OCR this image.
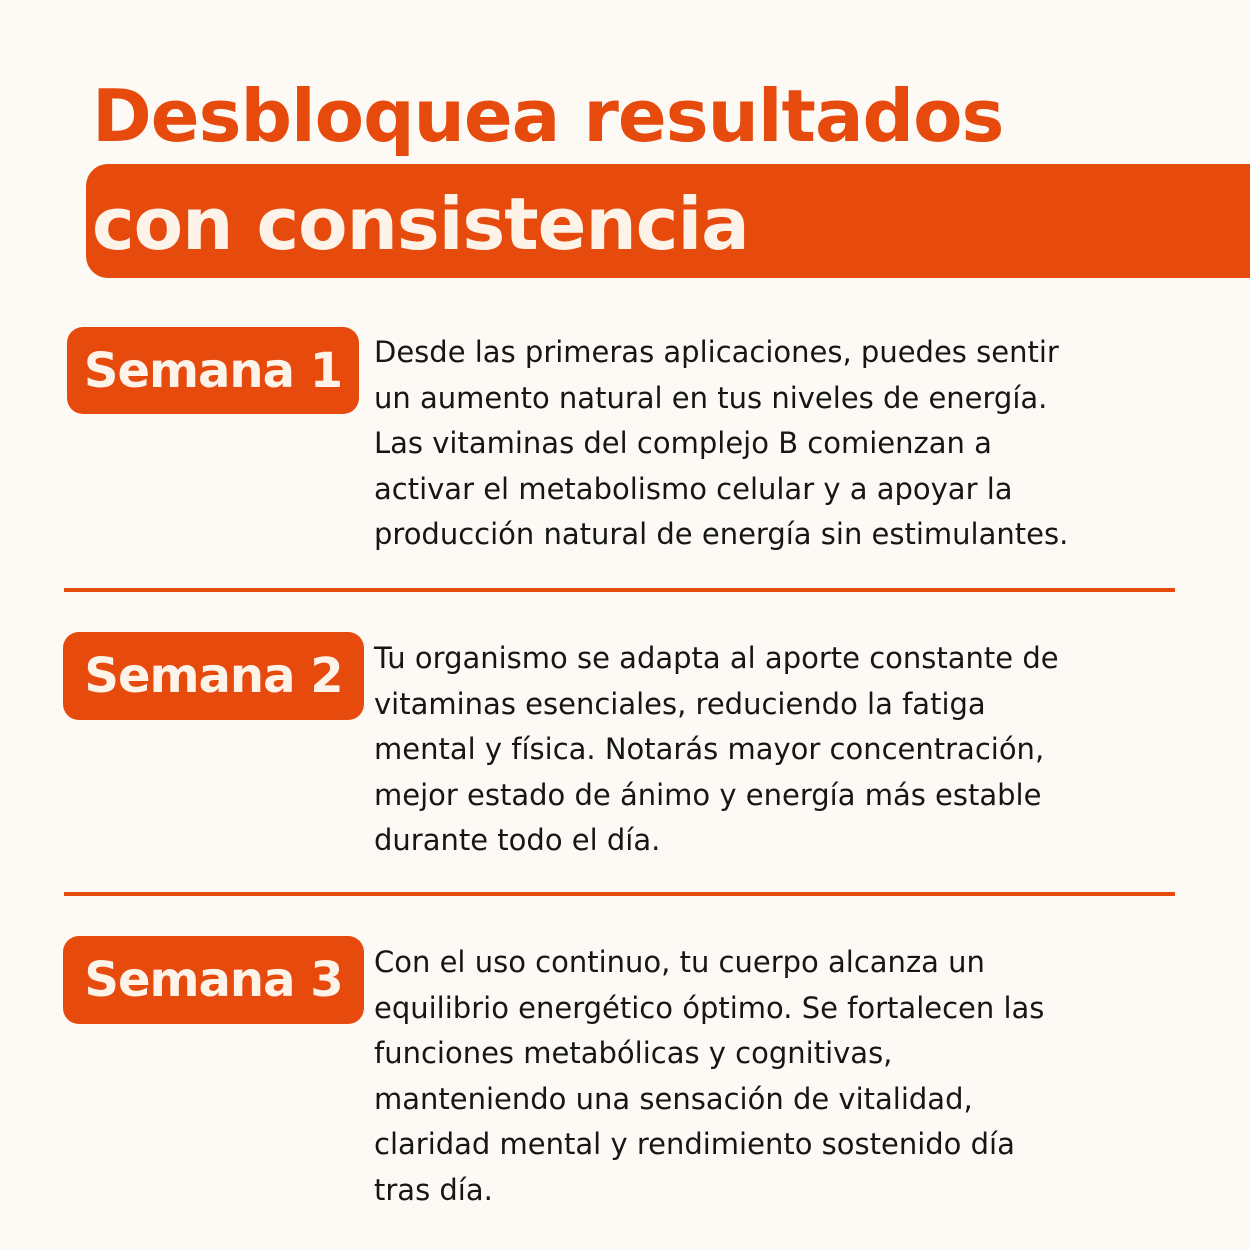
Desbloquea resultados
con consistencia
Semana 1 Desde las primeras aplicaciones, puedes sentir
un aumento natural en tus niveles de energía.
Las vitaminas del complejo B comienzan a
activar el metabolismo celular y a apoyar la
producción natural de energía sin estimulantes.
Semana 2 Tu organismo se adapta al aporte constante de
vitaminas esenciales, reduciendo la fatiga
mental y física. Notarás mayor concentración,
mejor estado de ánimo y energía más estable
durante todo el día.
Semana 3 Con el uso continuo, tu cuerpo alcanza un
equilibrio energético óptimo. Se fortalecen las
funciones metabólicas y cognitivas,
manteniendo una sensación de vitalidad,
claridad mental y rendimiento sostenido día
tras día.
